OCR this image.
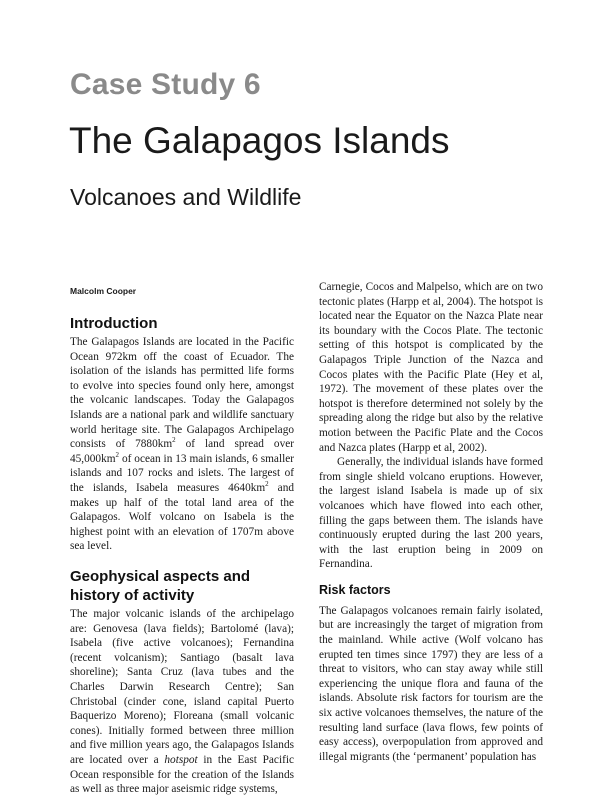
Case Study 6
The Galapagos Islands
Volcanoes and Wildlife
Malcolm Cooper
Introduction

The Galapagos Islands are located in the Pacific Ocean 972km off the coast of Ecuador. The isolation of the islands has permitted life forms to evolve into species found only here, amongst the volcanic landscapes. Today the Galapagos Islands are a national park and wildlife sanctuary world heritage site. The Galapagos Archipelago consists of $7880km^2$ of land spread over $45,000km^2$ of ocean in 13 main islands, 6 smaller islands and 107 rocks and islets. The largest of the islands, Isabela measures $4640km^2$ and makes up half of the total land area of the Galapagos. Wolf volcano on Isabela is the highest point with an elevation of 1707m above sea level.

Geophysical aspects and history of activity

The major volcanic islands of the archipelago are: Genovesa (lava fields); Bartolomé (lava); Isabela (five active volcanoes); Fernandina (recent volcanism); Santiago (basalt lava shoreline); Santa Cruz (lava tubes and the Charles Darwin Research Centre); San Christobal (cinder cone, island capital Puerto Baquerizo Moreno); Floreana (small volcanic cones). Initially formed between three million and five million years ago, the Galapagos Islands are located over a hotspot in the East Pacific Ocean responsible for the creation of the Islands as well as three major aseismic ridge systems,

Carnegie, Cocos and Malpelso, which are on two tectonic plates (Harpp et al, 2004). The hotspot is located near the Equator on the Nazca Plate near its boundary with the Cocos Plate. The tectonic setting of this hotspot is complicated by the Galapagos Triple Junction of the Nazca and Cocos plates with the Pacific Plate (Hey et al, 1972). The movement of these plates over the hotspot is therefore determined not solely by the spreading along the ridge but also by the relative motion between the Pacific Plate and the Cocos and Nazca plates (Harpp et al, 2002).

Generally, the individual islands have formed from single shield volcano eruptions. However, the largest island Isabela is made up of six volcanoes which have flowed into each other, filling the gaps between them. The islands have continuously erupted during the last 200 years, with the last eruption being in 2009 on Fernandina.

Risk factors

The Galapagos volcanoes remain fairly isolated, but are increasingly the target of migration from the mainland. While active (Wolf volcano has erupted ten times since 1797) they are less of a threat to visitors, who can stay away while still experiencing the unique flora and fauna of the islands. Absolute risk factors for tourism are the six active volcanoes themselves, the nature of the resulting land surface (lava flows, few points of easy access), overpopulation from approved and illegal migrants (the ‘permanent’ population has
